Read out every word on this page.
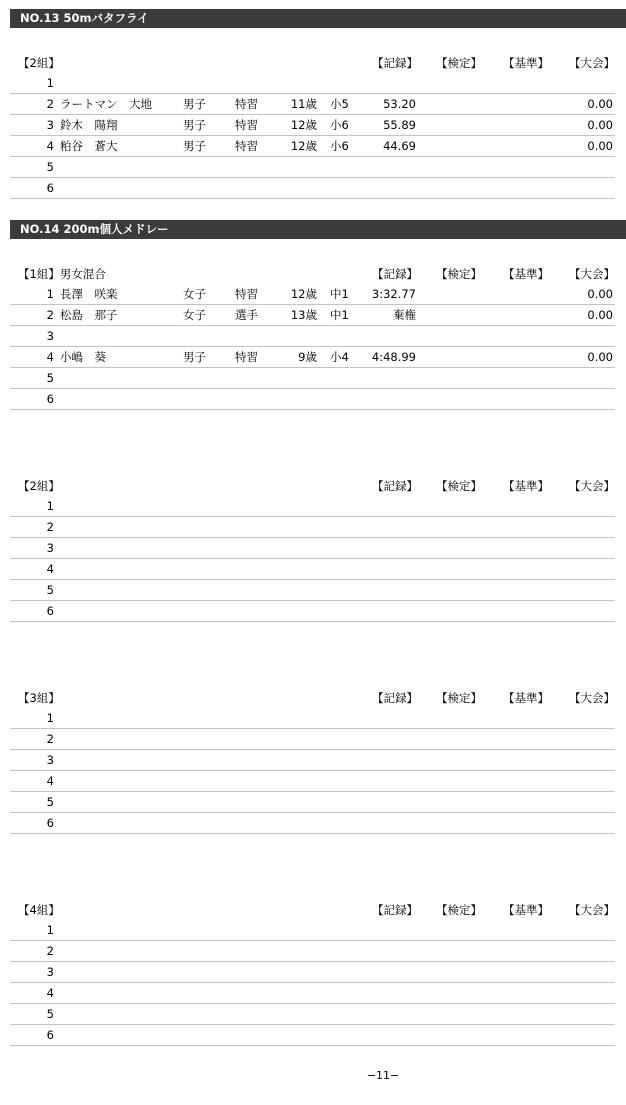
NO.13 50mバタフライ
【2組】	【記録】 【検定】 【基準】 【大会】
1
2 ラートマン　大地	男子	特習	11歳 小5	53.20	0.00
3 鈴木　陽翔	男子	特習	12歳 小6	55.89	0.00
4 粕谷　蒼大	男子	特習	12歳 小6	44.69	0.00
5
6
NO.14 200m個人メドレー
【1組】男女混合	【記録】 【検定】 【基準】 【大会】
1 長澤　咲楽	女子	特習	12歳 中1	3:32.77	0.00
2 松島　那子	女子	選手	13歳 中1	棄権	0.00
3
4 小嶋　葵	男子	特習	9歳 小4	4:48.99	0.00
5
6
【2組】	【記録】 【検定】 【基準】 【大会】
1
2
3
4
5
6
【3組】	【記録】 【検定】 【基準】 【大会】
1
2
3
4
5
6
【4組】	【記録】 【検定】 【基準】 【大会】
1
2
3
4
5
6
−11−
